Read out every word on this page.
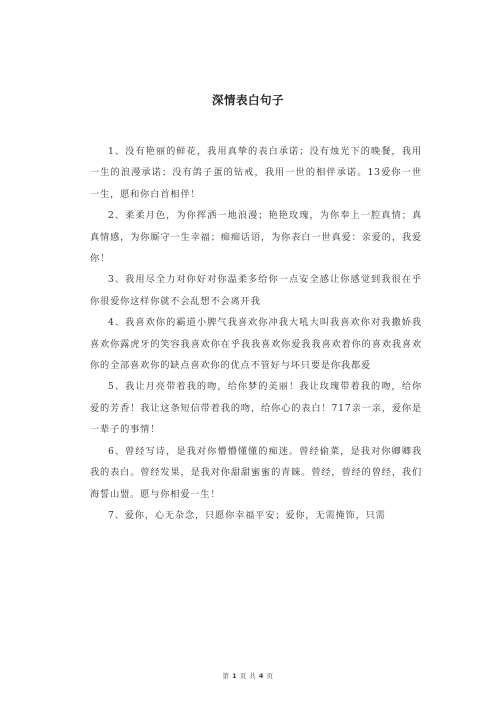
深情表白句子

1、没有艳丽的鲜花，我用真挚的表白承诺；没有烛光下的晚餐，我用一生的浪漫承诺；没有鸽子蛋的钻戒，我用一世的相伴承诺。13爱你一世一生，愿和你白首相伴！

2、柔柔月色，为你挥洒一地浪漫；艳艳玫瑰，为你奉上一腔真情；真真情感，为你厮守一生幸福；痴痴话语，为你表白一世真爱：亲爱的，我爱你！

3、我用尽全力对你好对你温柔多给你一点安全感让你感觉到我很在乎你很爱你这样你就不会乱想不会离开我

4、我喜欢你的霸道小脾气我喜欢你冲我大吼大叫我喜欢你对我撒娇我喜欢你露虎牙的笑容我喜欢你在乎我我喜欢你爱我我喜欢着你的喜欢我喜欢你的全部喜欢你的缺点喜欢你的优点不管好与坏只要是你我都爱

5、我让月亮带着我的吻，给你梦的美丽！我让玫瑰带着我的吻，给你爱的芳香！我让这条短信带着我的吻，给你心的表白！717亲一亲，爱你是一辈子的事情！

6、曾经写诗，是我对你懵懵懂懂的痴迷。曾经偷菜，是我对你卿卿我我的表白。曾经发果，是我对你甜甜蜜蜜的青睐。曾经，曾经的曾经，我们海誓山盟。愿与你相爱一生！

7、爱你，心无杂念，只愿你幸福平安；爱你，无需掩饰，只需

第 1 页 共 4 页
